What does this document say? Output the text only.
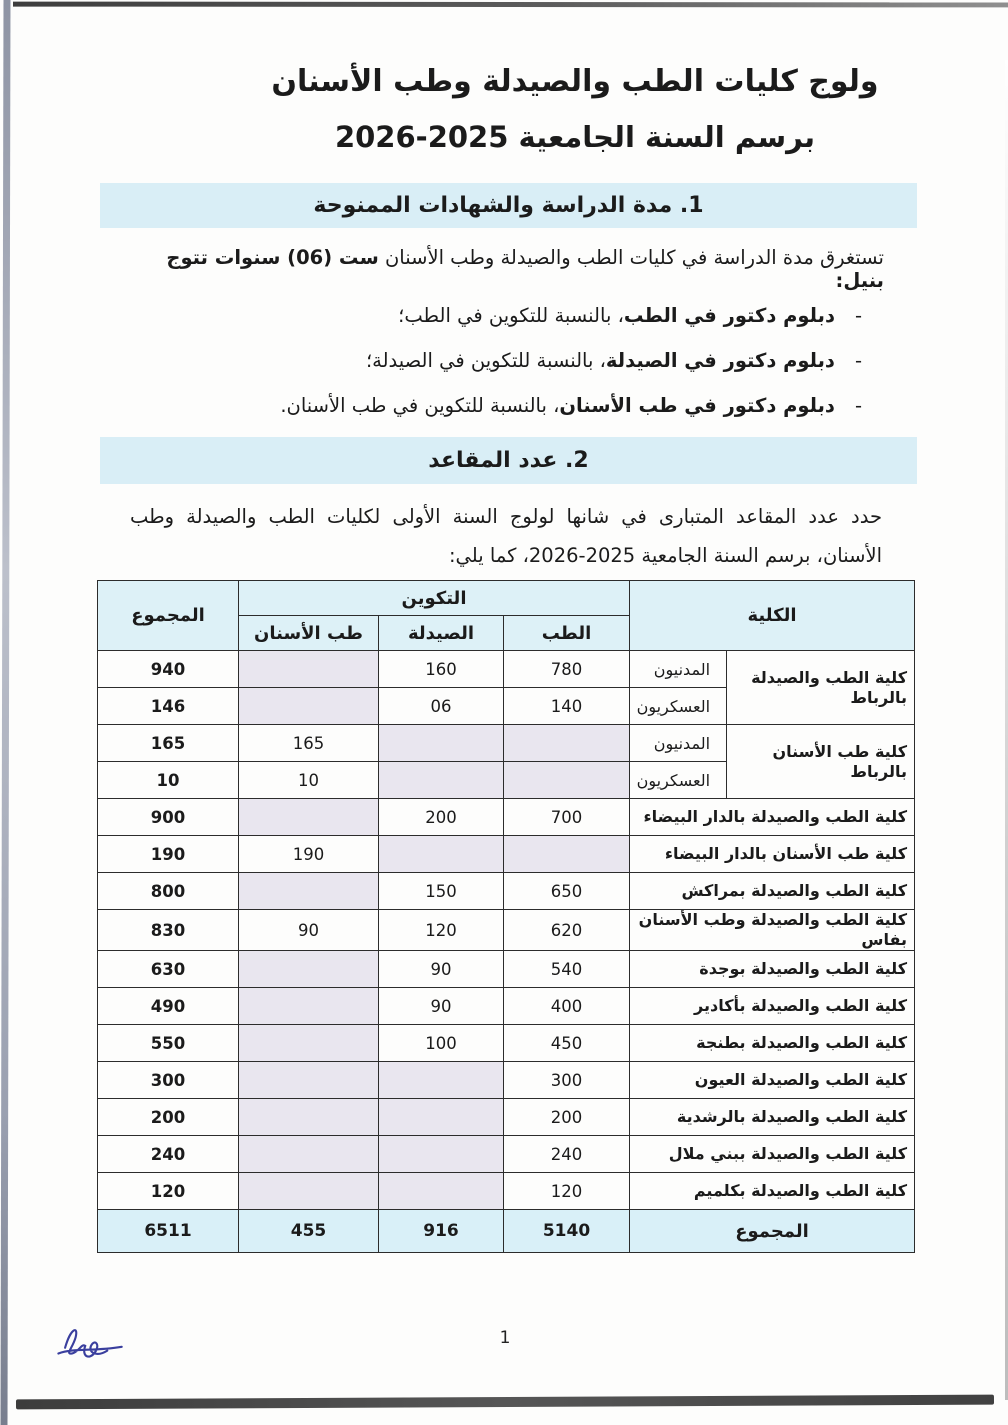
ولوج كليات الطب والصيدلة وطب الأسنان
برسم السنة الجامعية 2025-2026
1. مدة الدراسة والشهادات الممنوحة

تستغرق مدة الدراسة في كليات الطب والصيدلة وطب الأسنان ست (06) سنوات تتوج بنيل:

-دبلوم دكتور في الطب، بالنسبة للتكوين في الطب؛
-دبلوم دكتور في الصيدلة، بالنسبة للتكوين في الصيدلة؛
-دبلوم دكتور في طب الأسنان، بالنسبة للتكوين في طب الأسنان.
2. عدد المقاعد

حدد عدد المقاعد المتبارى في شانها لولوج السنة الأولى لكليات الطب والصيدلة وطب الأسنان، برسم السنة الجامعية 2025-2026، كما يلي:

الكلية		التكوين			المجموع
		الطب	الصيدلة	طب الأسنان	
كلية الطب والصيدلة بالرباط	المدنيون	780	160		940
	العسكريون	140	06		146
كلية طب الأسنان بالرباط	المدنيون			165	165
	العسكريون			10	10
كلية الطب والصيدلة بالدار البيضاء		700	200		900
كلية طب الأسنان بالدار البيضاء				190	190
كلية الطب والصيدلة بمراكش		650	150		800
كلية الطب والصيدلة وطب الأسنان بفاس		620	120	90	830
كلية الطب والصيدلة بوجدة		540	90		630
كلية الطب والصيدلة بأكادير		400	90		490
كلية الطب والصيدلة بطنجة		450	100		550
كلية الطب والصيدلة العيون		300			300
كلية الطب والصيدلة بالرشدية		200			200
كلية الطب والصيدلة ببني ملال		240			240
كلية الطب والصيدلة بكلميم		120			120
المجموع		5140	916	455	6511
1
